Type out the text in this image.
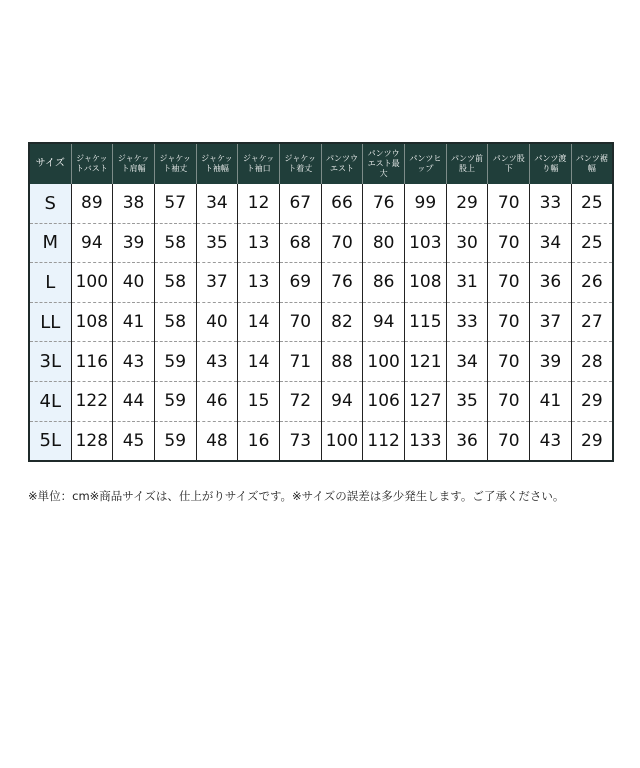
サイズ	ジャケットバスト	ジャケット肩幅	ジャケット袖丈	ジャケット袖幅	ジャケット袖口	ジャケット着丈	パンツウエスト	パンツウエスト最大	パンツヒップ	パンツ前股上	パンツ股下	パンツ渡り幅	パンツ裾幅
S	89	38	57	34	12	67	66	76	99	29	70	33	25
M	94	39	58	35	13	68	70	80	103	30	70	34	25
L	100	40	58	37	13	69	76	86	108	31	70	36	26
LL	108	41	58	40	14	70	82	94	115	33	70	37	27
3L	116	43	59	43	14	71	88	100	121	34	70	39	28
4L	122	44	59	46	15	72	94	106	127	35	70	41	29
5L	128	45	59	48	16	73	100	112	133	36	70	43	29
※単位：cm※商品サイズは、仕上がりサイズです。※サイズの誤差は多少発生します。ご了承ください。
